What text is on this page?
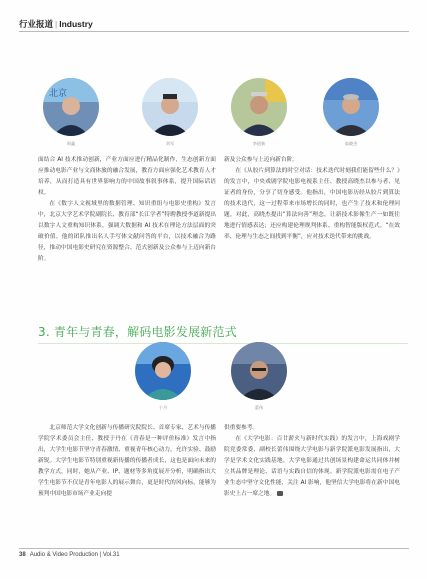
行业报道 | Industry
北京
周鑫	刘军	李道新	高晓杰

面结合 AI 技术推动创新，产业方面应进行精品化制作，生态创新方面应推动电影产业与文商体旅的融合发展，教育方面应强化艺术教育人才培养，从而打造具有世界影响力的中国故事叙事体系，提升国际话语权。

在《数字人文视域里的数据管理、知识重组与电影史重构》发言中，北京大学艺术学院副院长、教育部“长江学者”特聘教授李道新提出以数字人文重构知识体系，强调大数据和 AI 技术在理论方法层面的突破价值。他的团队推出名人手写体文献问答的平台，以技术融合为路径，推动中国电影史研究在资源整合、范式创新及公众参与上迈向新台阶。

新及公众参与上迈向新台阶。

在《从胶片到算法的时空对话：技术迭代时刻我们能留些什么？》的发言中，中央戏剧学院电影电视系主任、教授高晓杰以参与者、见证者的身份，分享了切身感受。他指出，中国电影历经从胶片到算法的技术迭代，这一过程带来市场增长的同时，也产生了技术和伦理问题。对此，高晓杰提出“算法向善”理念，让新技术影像生产一如既往地进行情感表达；还应构建伦理规判体系、重构智能版权范式。“在效率、伦理与生态之间找到平衡”，应对技术迭代带来的挑战。

3. 青年与青春，解码电影发展新范式
于丹	蕾伟

北京师范大学文化创新与传播研究院院长、首席专家、艺术与传播学院学术委员会主任、教授于丹在《青春是一种评价标准》发言中指出，大学生电影节坚守青春激情、重视青年核心动力，允许实验、鼓励新锐。大学生电影节特别重视新传播的传播者成长，这也是面向未来的教学方式。同时，她从产业、IP、题材等多角度展开分析，明确指出大学生电影节不仅是青年电影人的展示舞台，更是时代的风向标，能够为预判中国电影市场产业走向提

供重要参考。

在《大学电影：百廿薪火与新时代实践》的发言中，上海戏剧学院党委常委、副校长蕾伟围绕大学电影与新学院派电影发展指出，大学是学术文化实践基地。大学电影通过共创场景构建命运共同体并树立其品牌是理论、话语与实践自信的体现。新学院派电影需在电子产业生态中坚守文化性能，关注 AI 影响，他坚信大学电影将在新中国电影史上占一席之地。

38 Audio & Video Production | Vol.31
